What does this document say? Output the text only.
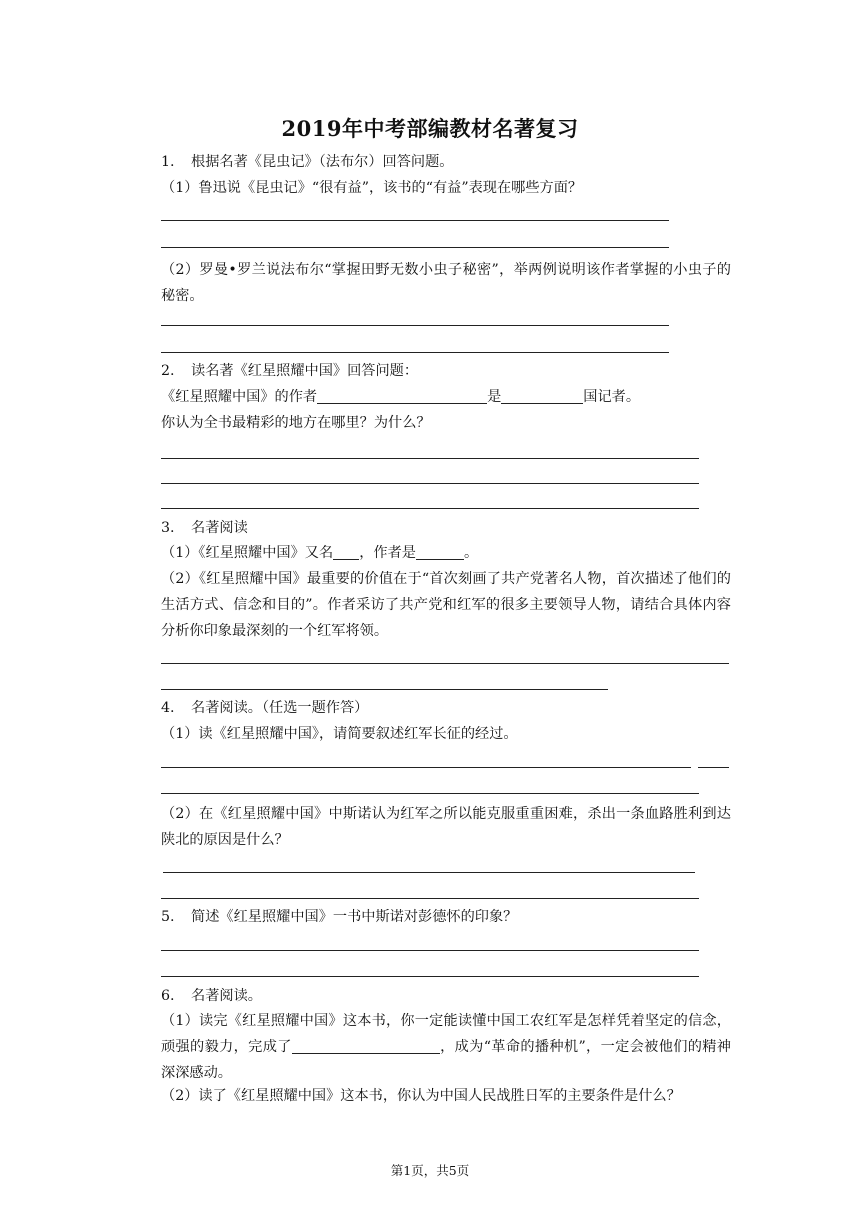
2019年中考部编教材名著复习
1. 根据名著《昆虫记》（法布尔）回答问题。
（1）鲁迅说《昆虫记》“很有益”，该书的“有益”表现在哪些方面？
（2）罗曼•罗兰说法布尔“掌握田野无数小虫子秘密”，举两例说明该作者掌握的小虫子的秘密。
2. 读名著《红星照耀中国》回答问题：
《红星照耀中国》的作者	是	国记者。
你认为全书最精彩的地方在哪里？为什么？
3. 名著阅读
（1）《红星照耀中国》又名 ，作者是	。
（2）《红星照耀中国》最重要的价值在于“首次刻画了共产党著名人物，首次描述了他们的生活方式、信念和目的”。作者采访了共产党和红军的很多主要领导人物，请结合具体内容分析你印象最深刻的一个红军将领。
4. 名著阅读。（任选一题作答）
（1）读《红星照耀中国》，请简要叙述红军长征的经过。
（2）在《红星照耀中国》中斯诺认为红军之所以能克服重重困难，杀出一条血路胜利到达陕北的原因是什么？
5. 简述《红星照耀中国》一书中斯诺对彭德怀的印象？
6. 名著阅读。
（1）读完《红星照耀中国》这本书，你一定能读懂中国工农红军是怎样凭着坚定的信念，顽强的毅力，完成了	，成为“革命的播种机”，一定会被他们的精神深深感动。
（2）读了《红星照耀中国》这本书，你认为中国人民战胜日军的主要条件是什么？
第1页，共5页
